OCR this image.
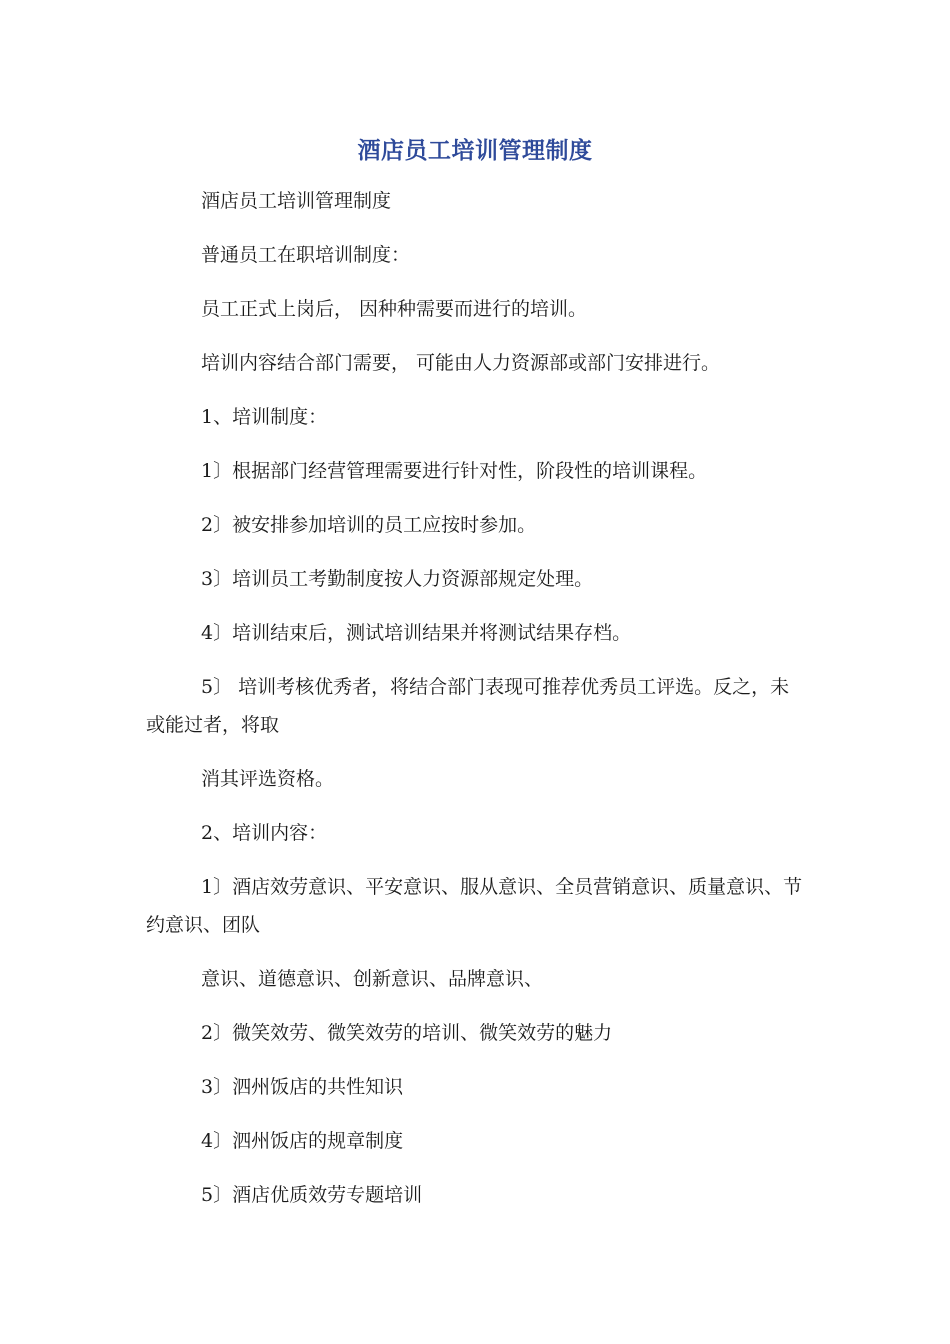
酒店员工培训管理制度
酒店员工培训管理制度
普通员工在职培训制度：
员工正式上岗后， 因种种需要而进行的培训。
培训内容结合部门需要， 可能由人力资源部或部门安排进行。
1、培训制度：
1〕根据部门经营管理需要进行针对性，阶段性的培训课程。
2〕被安排参加培训的员工应按时参加。
3〕培训员工考勤制度按人力资源部规定处理。
4〕培训结束后，测试培训结果并将测试结果存档。
5〕 培训考核优秀者，将结合部门表现可推荐优秀员工评选。反之，未或能过者，将取
消其评选资格。
2、培训内容：
1〕酒店效劳意识、平安意识、服从意识、全员营销意识、质量意识、节约意识、团队
意识、道德意识、创新意识、品牌意识、
2〕微笑效劳、微笑效劳的培训、微笑效劳的魅力
3〕泗州饭店的共性知识
4〕泗州饭店的规章制度
5〕酒店优质效劳专题培训
